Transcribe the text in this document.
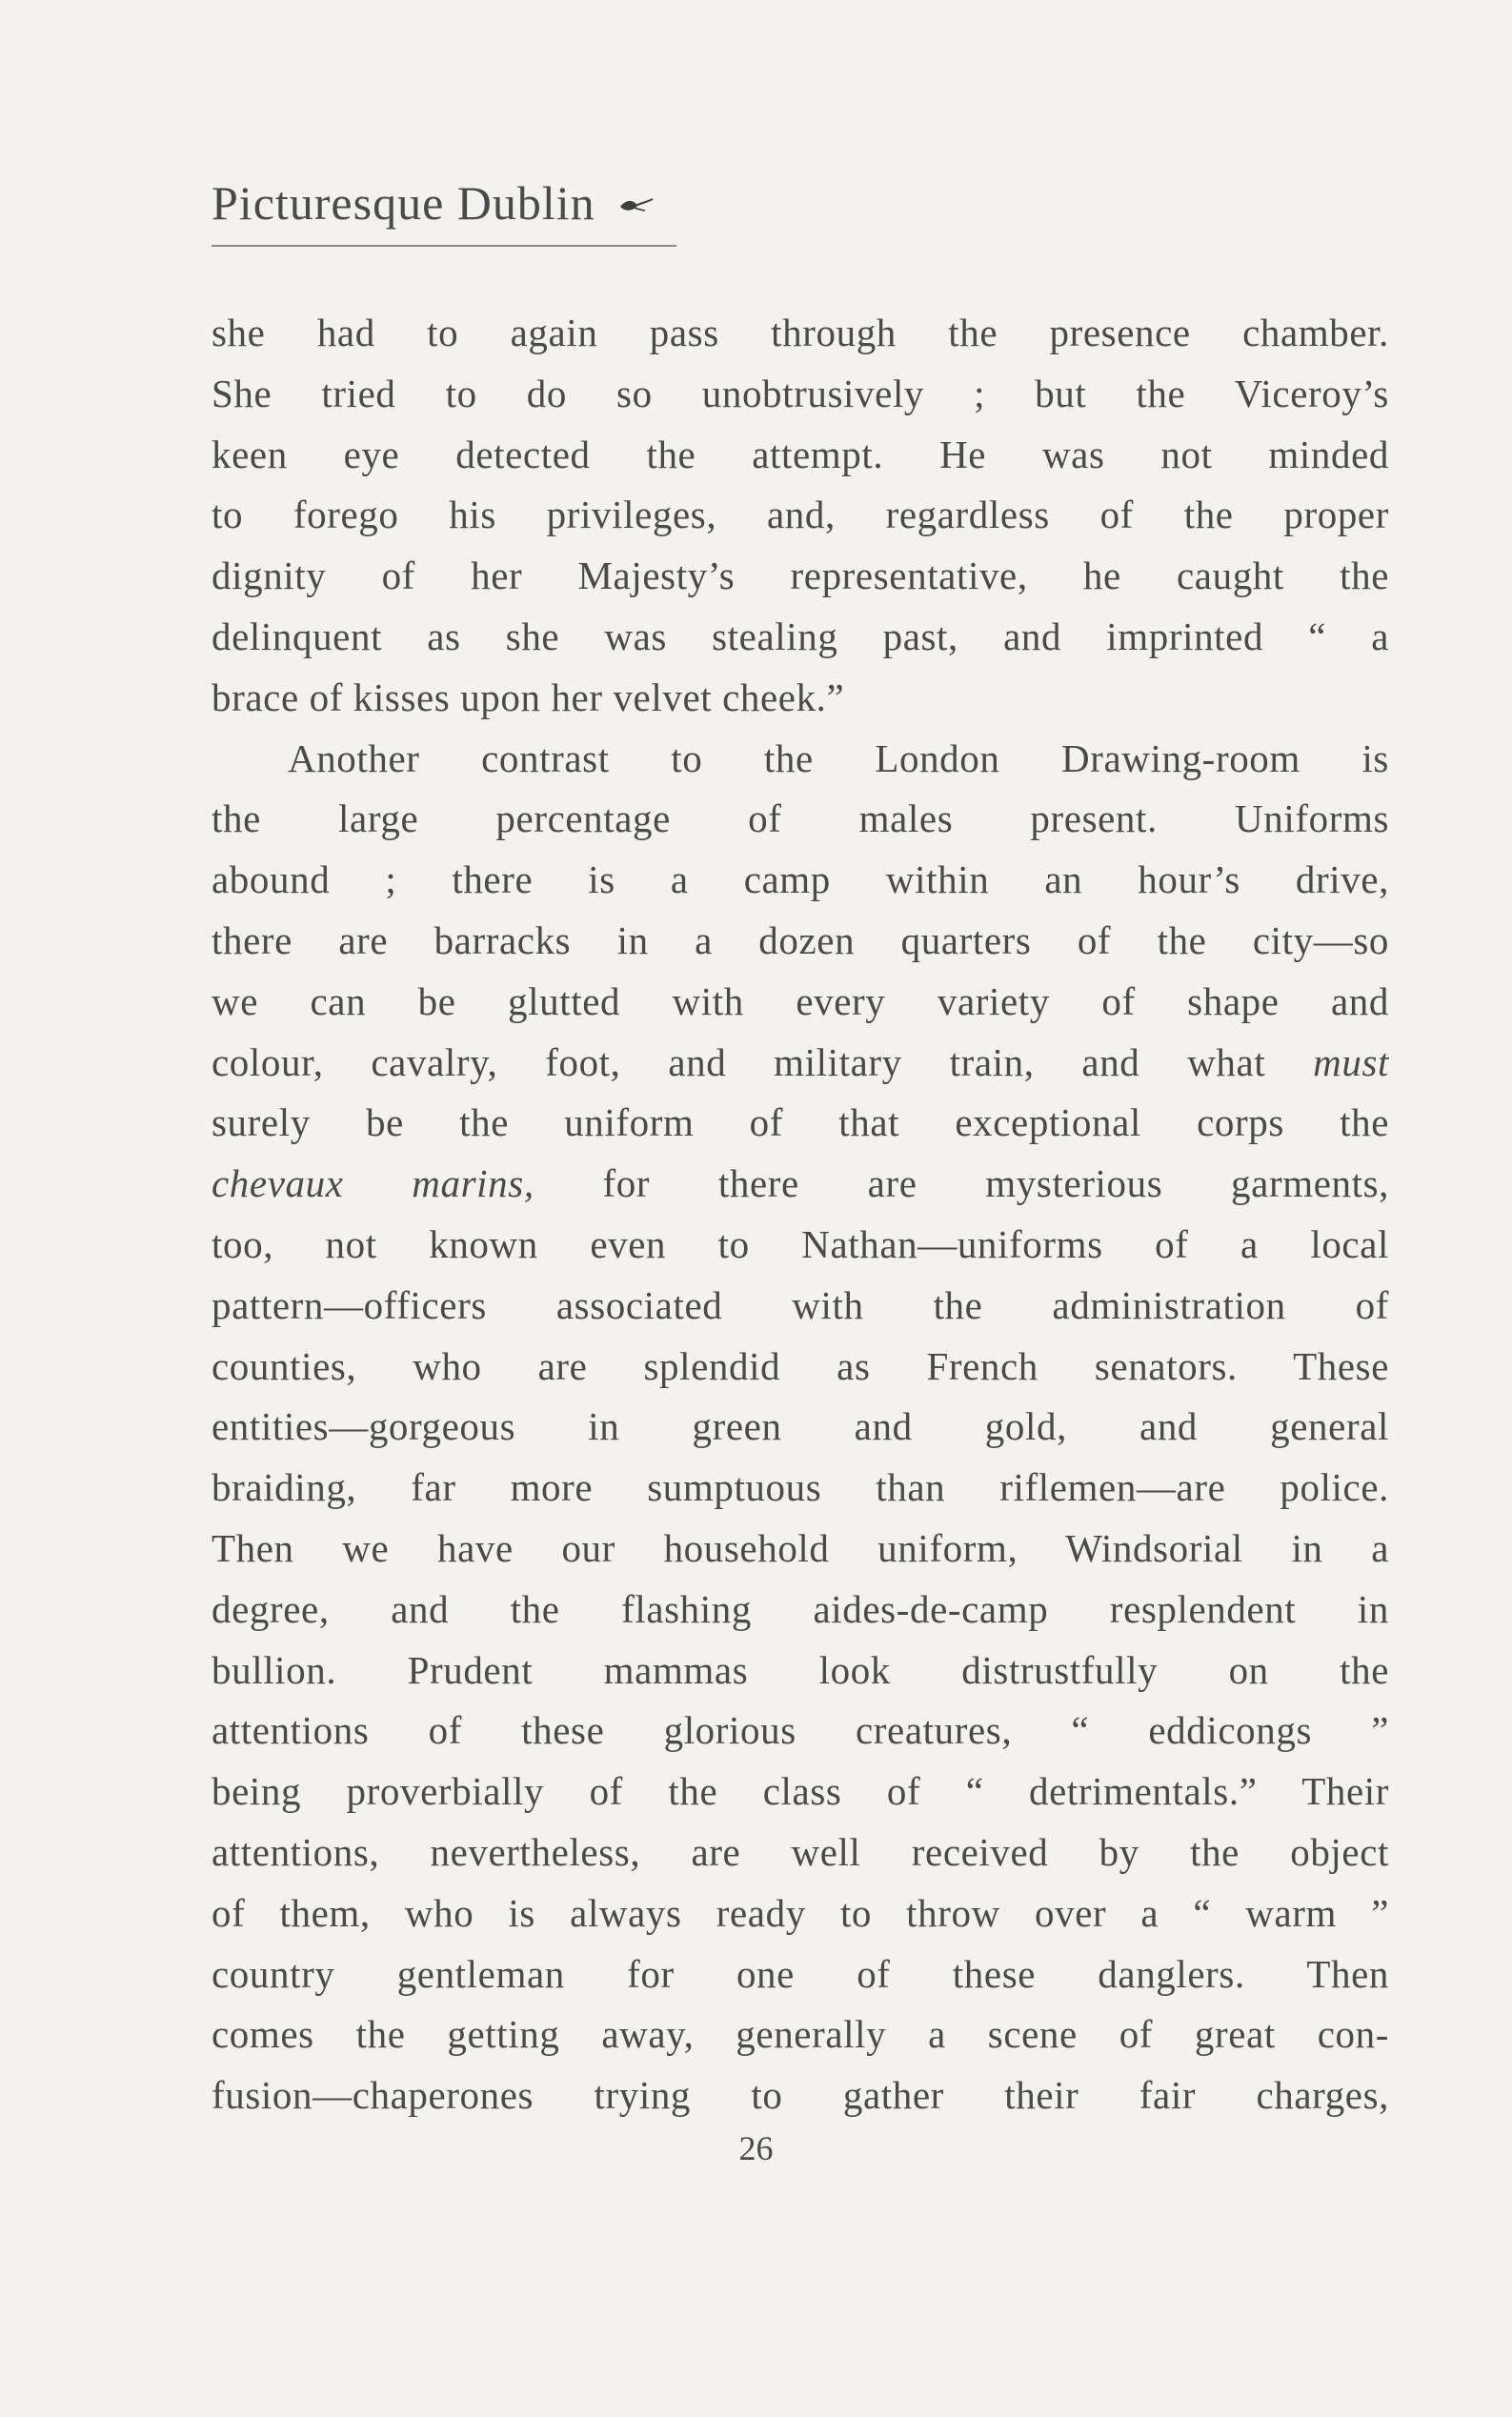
Picturesque Dublin
she had to again pass through the presence chamber.
She tried to do so unobtrusively ; but the Viceroy’s
keen eye detected the attempt. He was not minded
to forego his privileges, and, regardless of the proper
dignity of her Majesty’s representative, he caught the
delinquent as she was stealing past, and imprinted “ a
brace of kisses upon her velvet cheek.”
Another contrast to the London Drawing-room is
the large percentage of males present. Uniforms
abound ; there is a camp within an hour’s drive,
there are barracks in a dozen quarters of the city—so
we can be glutted with every variety of shape and
colour, cavalry, foot, and military train, and what must
surely be the uniform of that exceptional corps the
chevaux marins, for there are mysterious garments,
too, not known even to Nathan—uniforms of a local
pattern—officers associated with the administration of
counties, who are splendid as French senators. These
entities—gorgeous in green and gold, and general
braiding, far more sumptuous than riflemen—are police.
Then we have our household uniform, Windsorial in a
degree, and the flashing aides-de-camp resplendent in
bullion. Prudent mammas look distrustfully on the
attentions of these glorious creatures, “ eddicongs ”
being proverbially of the class of “ detrimentals.” Their
attentions, nevertheless, are well received by the object
of them, who is always ready to throw over a “ warm ”
country gentleman for one of these danglers. Then
comes the getting away, generally a scene of great con-
fusion—chaperones trying to gather their fair charges,
26
